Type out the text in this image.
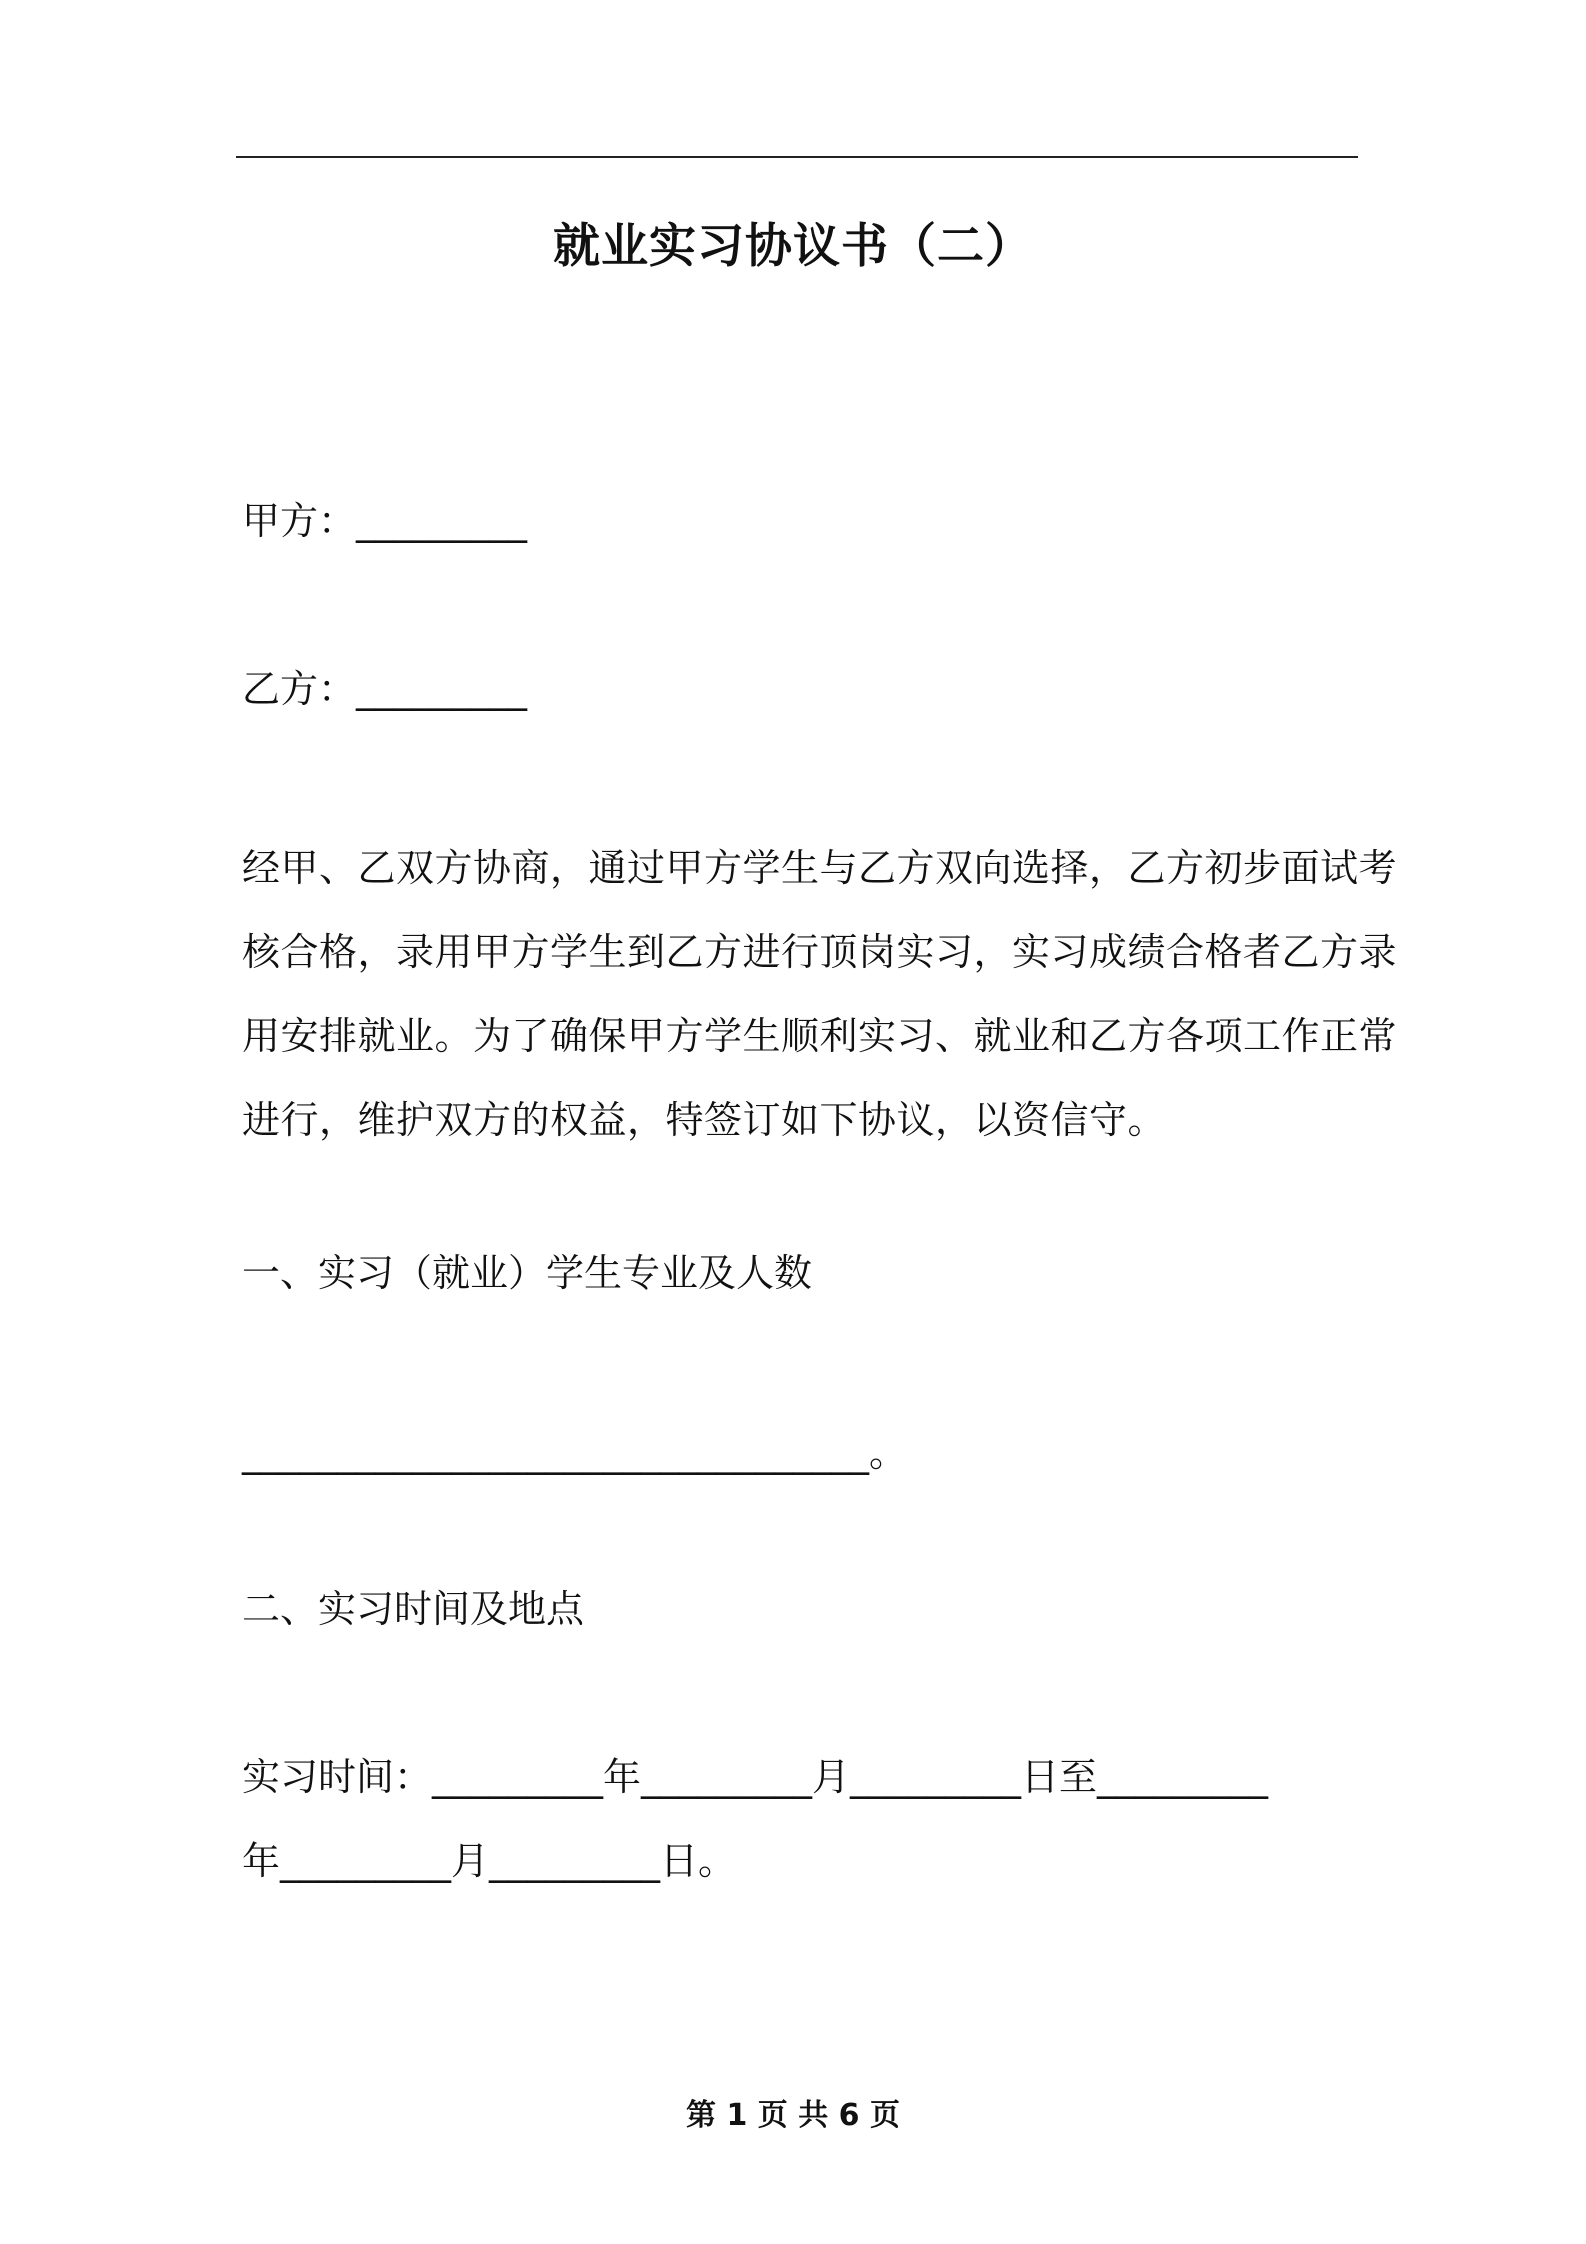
就业实习协议书（二）
甲方：_________
乙方：_________
经甲、乙双方协商，通过甲方学生与乙方双向选择，乙方初步面试考
核合格，录用甲方学生到乙方进行顶岗实习，实习成绩合格者乙方录
用安排就业。为了确保甲方学生顺利实习、就业和乙方各项工作正常
进行，维护双方的权益，特签订如下协议，以资信守。
一、实习（就业）学生专业及人数
_________________________________。
二、实习时间及地点
实习时间：_________年_________月_________日至_________
年_________月_________日。
第 1 页 共 6 页
